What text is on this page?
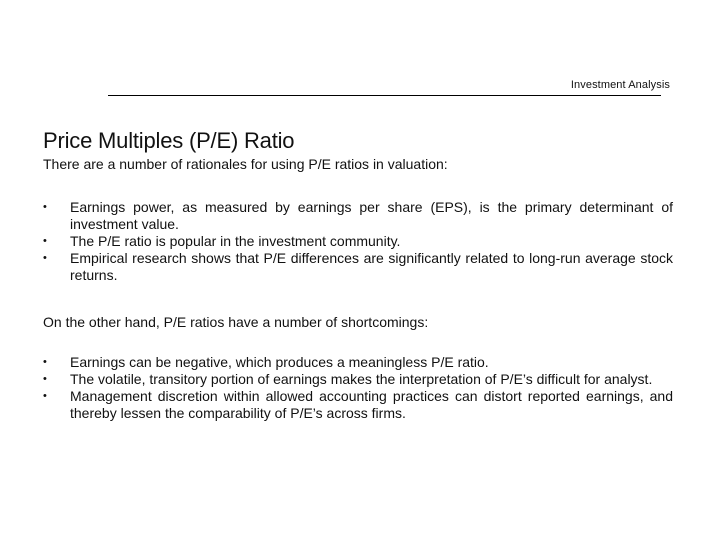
Investment Analysis
Price Multiples (P/E) Ratio

There are a number of rationales for using P/E ratios in valuation:

• Earnings power, as measured by earnings per share (EPS), is the primary determinant of investment value.
• The P/E ratio is popular in the investment community.
• Empirical research shows that P/E differences are significantly related to long-run average stock returns.

On the other hand, P/E ratios have a number of shortcomings:

• Earnings can be negative, which produces a meaningless P/E ratio.
• The volatile, transitory portion of earnings makes the interpretation of P/E’s difficult for analyst.
• Management discretion within allowed accounting practices can distort reported earnings, and thereby lessen the comparability of P/E’s across firms.
